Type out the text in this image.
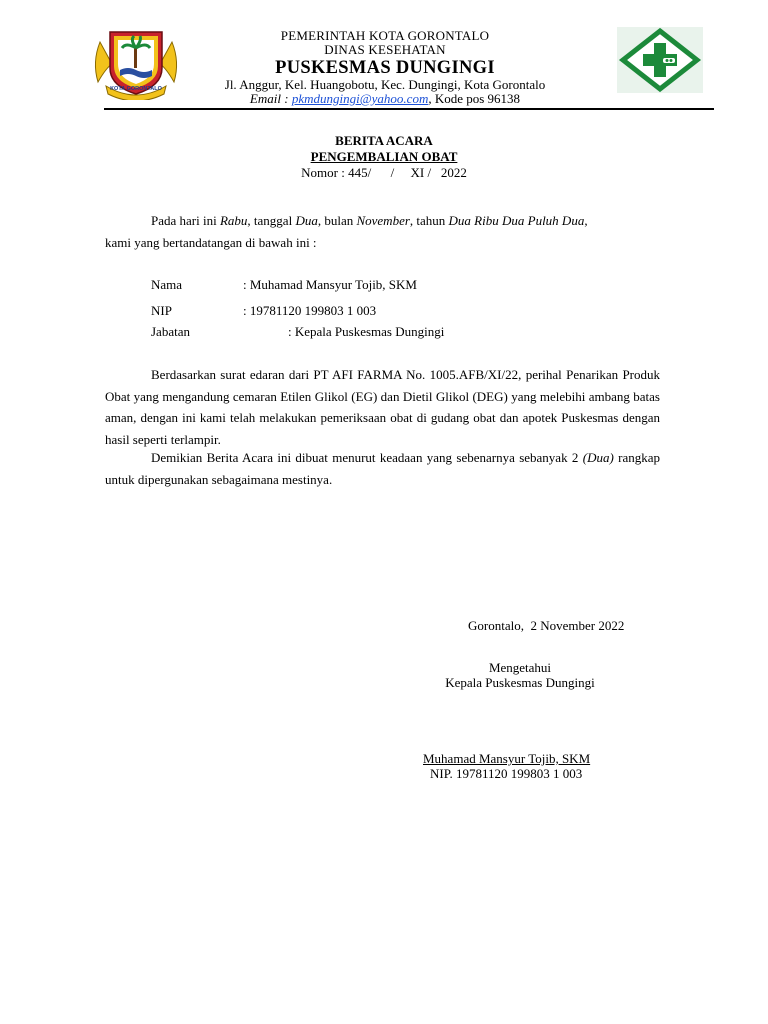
KOTA GORONTALO
PEMERINTAH KOTA GORONTALO
DINAS KESEHATAN
PUSKESMAS DUNGINGI
Jl. Anggur, Kel. Huangobotu, Kec. Dungingi, Kota Gorontalo
Email : pkmdungingi@yahoo.com, Kode pos 96138
BERITA ACARA
PENGEMBALIAN OBAT
Nomor : 445/      /     XI /   2022
Pada hari ini Rabu, tanggal Dua, bulan November, tahun Dua Ribu Dua Puluh Dua,
kami yang bertandatangan di bawah ini :
Nama	: Muhamad Mansyur Tojib, SKM
NIP	: 19781120 199803 1 003
Jabatan	: Kepala Puskesmas Dungingi
Berdasarkan surat edaran dari PT AFI FARMA No. 1005.AFB/XI/22, perihal Penarikan Produk Obat yang mengandung cemaran Etilen Glikol (EG) dan Dietil Glikol (DEG) yang melebihi ambang batas aman, dengan ini kami telah melakukan pemeriksaan obat di gudang obat dan apotek Puskesmas dengan hasil seperti terlampir.
Demikian Berita Acara ini dibuat menurut keadaan yang sebenarnya sebanyak 2 (Dua) rangkap untuk dipergunakan sebagaimana mestinya.
Gorontalo,  2 November 2022
Mengetahui
Kepala Puskesmas Dungingi
Muhamad Mansyur Tojib, SKM
NIP. 19781120 199803 1 003
